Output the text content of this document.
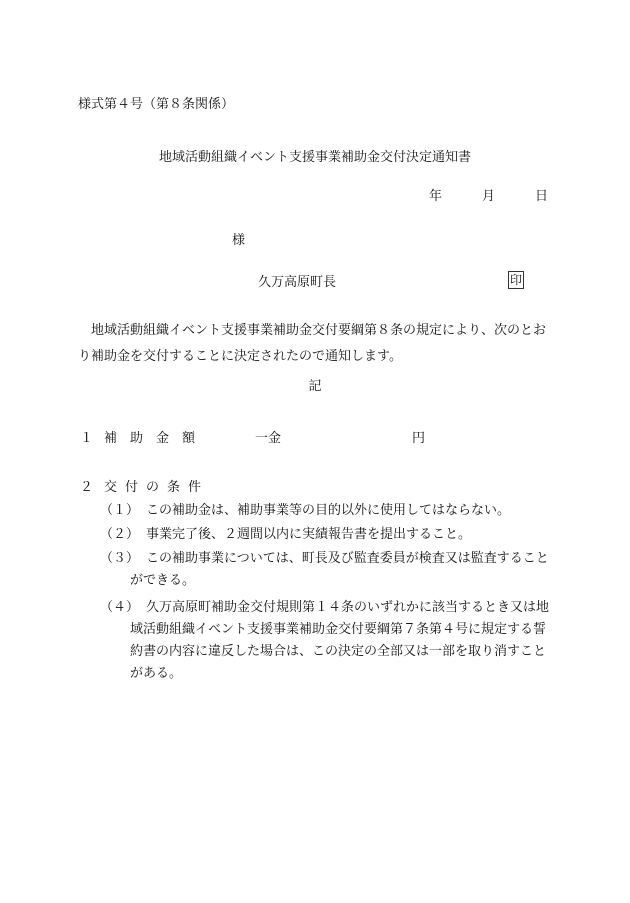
様式第４号（第８条関係）
地域活動組織イベント支援事業補助金交付決定通知書
年	月	日
様
久万高原町長	印
地域活動組織イベント支援事業補助金交付要綱第８条の規定により、次のとおり補助金を交付することに決定されたので通知します。
記
１ 補助金額	一金	円
２ 交付の条件
（１） この補助金は、補助事業等の目的以外に使用してはならない。
（２） 事業完了後、２週間以内に実績報告書を提出すること。
（３） この補助事業については、町長及び監査委員が検査又は監査することができる。
（４） 久万高原町補助金交付規則第１４条のいずれかに該当するとき又は地域活動組織イベント支援事業補助金交付要綱第７条第４号に規定する誓約書の内容に違反した場合は、この決定の全部又は一部を取り消すことがある。
